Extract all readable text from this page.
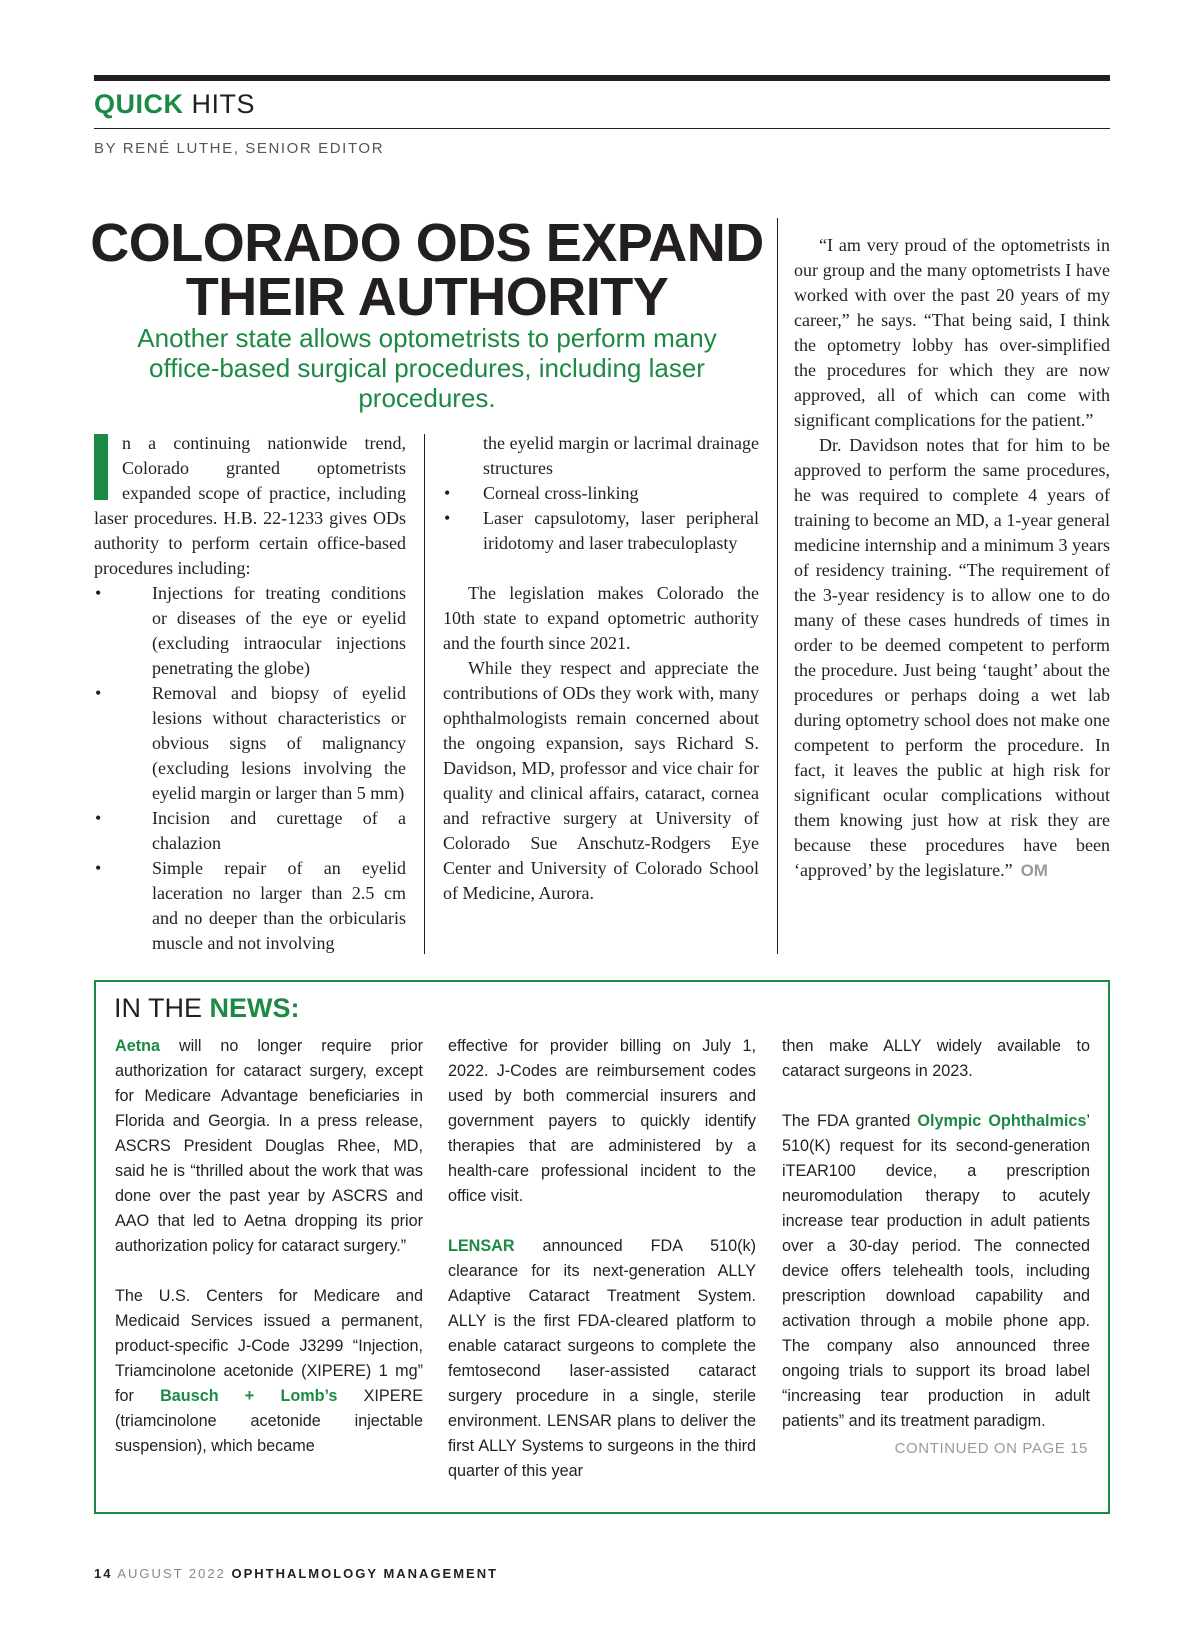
QUICK HITS
BY RENÉ LUTHE, SENIOR EDITOR
COLORADO ODS EXPAND
THEIR AUTHORITY
Another state allows optometrists to perform many office-based surgical procedures, including laser procedures.

n a continuing nationwide trend, Colorado granted optometrists expanded scope of practice, including laser procedures. H.B. 22-1233 gives ODs authority to perform certain office-based procedures including:

• Injections for treating conditions or diseases of the eye or eyelid (excluding intraocular injections penetrating the globe)
• Removal and biopsy of eyelid lesions without characteristics or obvious signs of malignancy (excluding lesions involving the eyelid margin or larger than 5 mm)
• Incision and curettage of a chalazion
• Simple repair of an eyelid laceration no larger than 2.5 cm and no deeper than the orbicularis muscle and not involving
the eyelid margin or lacrimal drainage structures
• Corneal cross-linking
• Laser capsulotomy, laser peripheral iridotomy and laser trabeculoplasty

The legislation makes Colorado the 10th state to expand optometric authority and the fourth since 2021.

While they respect and appreciate the contributions of ODs they work with, many ophthalmologists remain concerned about the ongoing expansion, says Richard S. Davidson, MD, professor and vice chair for quality and clinical affairs, cataract, cornea and refractive surgery at University of Colorado Sue Anschutz-Rodgers Eye Center and University of Colorado School of Medicine, Aurora.

“I am very proud of the optometrists in our group and the many optometrists I have worked with over the past 20 years of my career,” he says. “That being said, I think the optometry lobby has over-simplified the procedures for which they are now approved, all of which can come with significant complications for the patient.”

Dr. Davidson notes that for him to be approved to perform the same procedures, he was required to complete 4 years of training to become an MD, a 1-year general medicine internship and a minimum 3 years of residency training. “The requirement of the 3-year residency is to allow one to do many of these cases hundreds of times in order to be deemed competent to perform the procedure. Just being ‘taught’ about the procedures or perhaps doing a wet lab during optometry school does not make one competent to perform the procedure. In fact, it leaves the public at high risk for significant ocular complications without them knowing just how at risk they are because these procedures have been ‘approved’ by the legislature.” OM

IN THE NEWS:

Aetna will no longer require prior authorization for cataract surgery, except for Medicare Advantage beneficiaries in Florida and Georgia. In a press release, ASCRS President Douglas Rhee, MD, said he is “thrilled about the work that was done over the past year by ASCRS and AAO that led to Aetna dropping its prior authorization policy for cataract surgery.”

The U.S. Centers for Medicare and Medicaid Services issued a permanent, product-specific J-Code J3299 “Injection, Triamcinolone acetonide (XIPERE) 1 mg” for Bausch + Lomb’s XIPERE (triamcinolone acetonide injectable suspension), which became

effective for provider billing on July 1, 2022. J-Codes are reimbursement codes used by both commercial insurers and government payers to quickly identify therapies that are administered by a health-care professional incident to the office visit.

LENSAR announced FDA 510(k) clearance for its next-generation ALLY Adaptive Cataract Treatment System. ALLY is the first FDA-cleared platform to enable cataract surgeons to complete the femtosecond laser-assisted cataract surgery procedure in a single, sterile environment. LENSAR plans to deliver the first ALLY Systems to surgeons in the third quarter of this year

then make ALLY widely available to cataract surgeons in 2023.

The FDA granted Olympic Ophthalmics’ 510(K) request for its second-generation iTEAR100 device, a prescription neuromodulation therapy to acutely increase tear production in adult patients over a 30-day period. The connected device offers telehealth tools, including prescription download capability and activation through a mobile phone app. The company also announced three ongoing trials to support its broad label “increasing tear production in adult patients” and its treatment paradigm.

CONTINUED ON PAGE 15
14 AUGUST 2022 OPHTHALMOLOGY MANAGEMENT
